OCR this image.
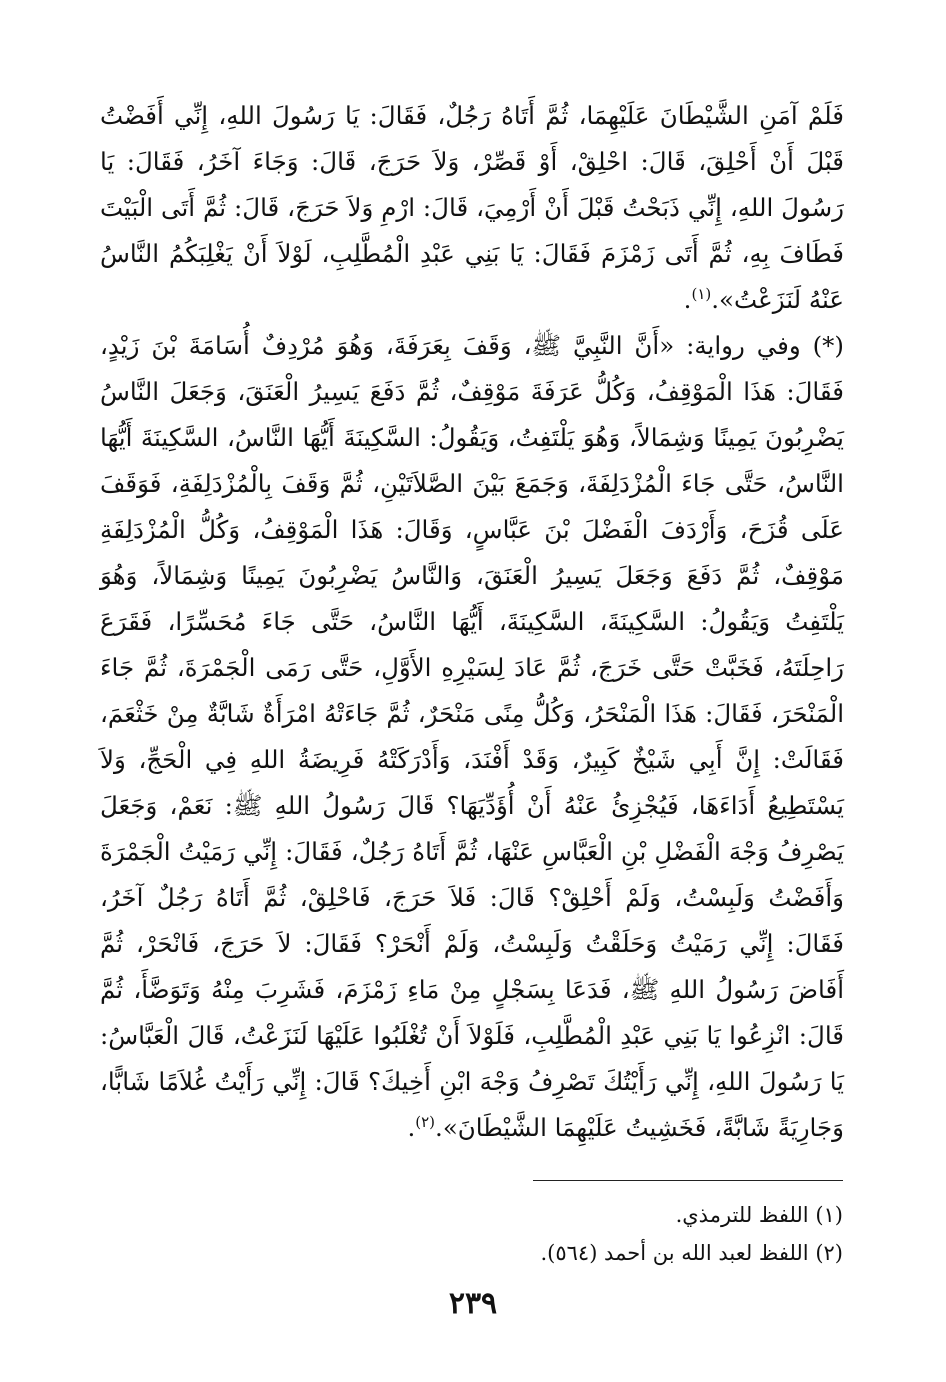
فَلَمْ آمَنِ الشَّيْطَانَ عَلَيْهِمَا، ثُمَّ أَتَاهُ رَجُلٌ، فَقَالَ: يَا رَسُولَ اللهِ، إِنِّي أَفَضْتُ قَبْلَ أَنْ أَحْلِقَ، قَالَ: احْلِقْ، أَوْ قَصِّرْ، وَلاَ حَرَجَ، قَالَ: وَجَاءَ آخَرُ، فَقَالَ: يَا رَسُولَ اللهِ، إِنِّي ذَبَحْتُ قَبْلَ أَنْ أَرْمِيَ، قَالَ: ارْمِ وَلاَ حَرَجَ، قَالَ: ثُمَّ أَتَى الْبَيْتَ فَطَافَ بِهِ، ثُمَّ أَتَى زَمْزَمَ فَقَالَ: يَا بَنِي عَبْدِ الْمُطَّلِبِ، لَوْلاَ أَنْ يَغْلِبَكُمُ النَّاسُ عَنْهُ لَنَزَعْتُ».$^{(١)}$.

(*) وفي رواية: «أَنَّ النَّبِيَّ ﷺ، وَقَفَ بِعَرَفَةَ، وَهُوَ مُرْدِفٌ أُسَامَةَ بْنَ زَيْدٍ، فَقَالَ: هَذَا الْمَوْقِفُ، وَكُلُّ عَرَفَةَ مَوْقِفٌ، ثُمَّ دَفَعَ يَسِيرُ الْعَنَقَ، وَجَعَلَ النَّاسُ يَضْرِبُونَ يَمِينًا وَشِمَالاً، وَهُوَ يَلْتَفِتُ، وَيَقُولُ: السَّكِينَةَ أَيُّهَا النَّاسُ، السَّكِينَةَ أَيُّهَا النَّاسُ، حَتَّى جَاءَ الْمُزْدَلِفَةَ، وَجَمَعَ بَيْنَ الصَّلاَتَيْنِ، ثُمَّ وَقَفَ بِالْمُزْدَلِفَةِ، فَوَقَفَ عَلَى قُزَحَ، وَأَرْدَفَ الْفَضْلَ بْنَ عَبَّاسٍ، وَقَالَ: هَذَا الْمَوْقِفُ، وَكُلُّ الْمُزْدَلِفَةِ مَوْقِفٌ، ثُمَّ دَفَعَ وَجَعَلَ يَسِيرُ الْعَنَقَ، وَالنَّاسُ يَضْرِبُونَ يَمِينًا وَشِمَالاً، وَهُوَ يَلْتَفِتُ وَيَقُولُ: السَّكِينَةَ، السَّكِينَةَ، أَيُّهَا النَّاسُ، حَتَّى جَاءَ مُحَسِّرًا، فَقَرَعَ رَاحِلَتَهُ، فَخَبَّتْ حَتَّى خَرَجَ، ثُمَّ عَادَ لِسَيْرِهِ الأَوَّلِ، حَتَّى رَمَى الْجَمْرَةَ، ثُمَّ جَاءَ الْمَنْحَرَ، فَقَالَ: هَذَا الْمَنْحَرُ، وَكُلُّ مِنًى مَنْحَرٌ، ثُمَّ جَاءَتْهُ امْرَأَةٌ شَابَّةٌ مِنْ خَثْعَمَ، فَقَالَتْ: إِنَّ أَبِي شَيْخٌ كَبِيرٌ، وَقَدْ أَفْنَدَ، وَأَدْرَكَتْهُ فَرِيضَةُ اللهِ فِي الْحَجِّ، وَلاَ يَسْتَطِيعُ أَدَاءَهَا، فَيُجْزِئُ عَنْهُ أَنْ أُؤَدِّيَهَا؟ قَالَ رَسُولُ اللهِ ﷺ: نَعَمْ، وَجَعَلَ يَصْرِفُ وَجْهَ الْفَضْلِ بْنِ الْعَبَّاسِ عَنْهَا، ثُمَّ أَتَاهُ رَجُلٌ، فَقَالَ: إِنِّي رَمَيْتُ الْجَمْرَةَ وَأَفَضْتُ وَلَبِسْتُ، وَلَمْ أَحْلِقْ؟ قَالَ: فَلاَ حَرَجَ، فَاحْلِقْ، ثُمَّ أَتَاهُ رَجُلٌ آخَرُ، فَقَالَ: إِنِّي رَمَيْتُ وَحَلَقْتُ وَلَبِسْتُ، وَلَمْ أَنْحَرْ؟ فَقَالَ: لاَ حَرَجَ، فَانْحَرْ، ثُمَّ أَفَاضَ رَسُولُ اللهِ ﷺ، فَدَعَا بِسَجْلٍ مِنْ مَاءِ زَمْزَمَ، فَشَرِبَ مِنْهُ وَتَوَضَّأَ، ثُمَّ قَالَ: انْزِعُوا يَا بَنِي عَبْدِ الْمُطَّلِبِ، فَلَوْلاَ أَنْ تُغْلَبُوا عَلَيْهَا لَنَزَعْتُ، قَالَ الْعَبَّاسُ: يَا رَسُولَ اللهِ، إِنِّي رَأَيْتُكَ تَصْرِفُ وَجْهَ ابْنِ أَخِيكَ؟ قَالَ: إِنِّي رَأَيْتُ غُلاَمًا شَابًّا، وَجَارِيَةً شَابَّةً، فَخَشِيتُ عَلَيْهِمَا الشَّيْطَانَ».$^{(٢)}$.

(١) اللفظ للترمذي.

(٢) اللفظ لعبد الله بن أحمد (٥٦٤).

٢٣٩
